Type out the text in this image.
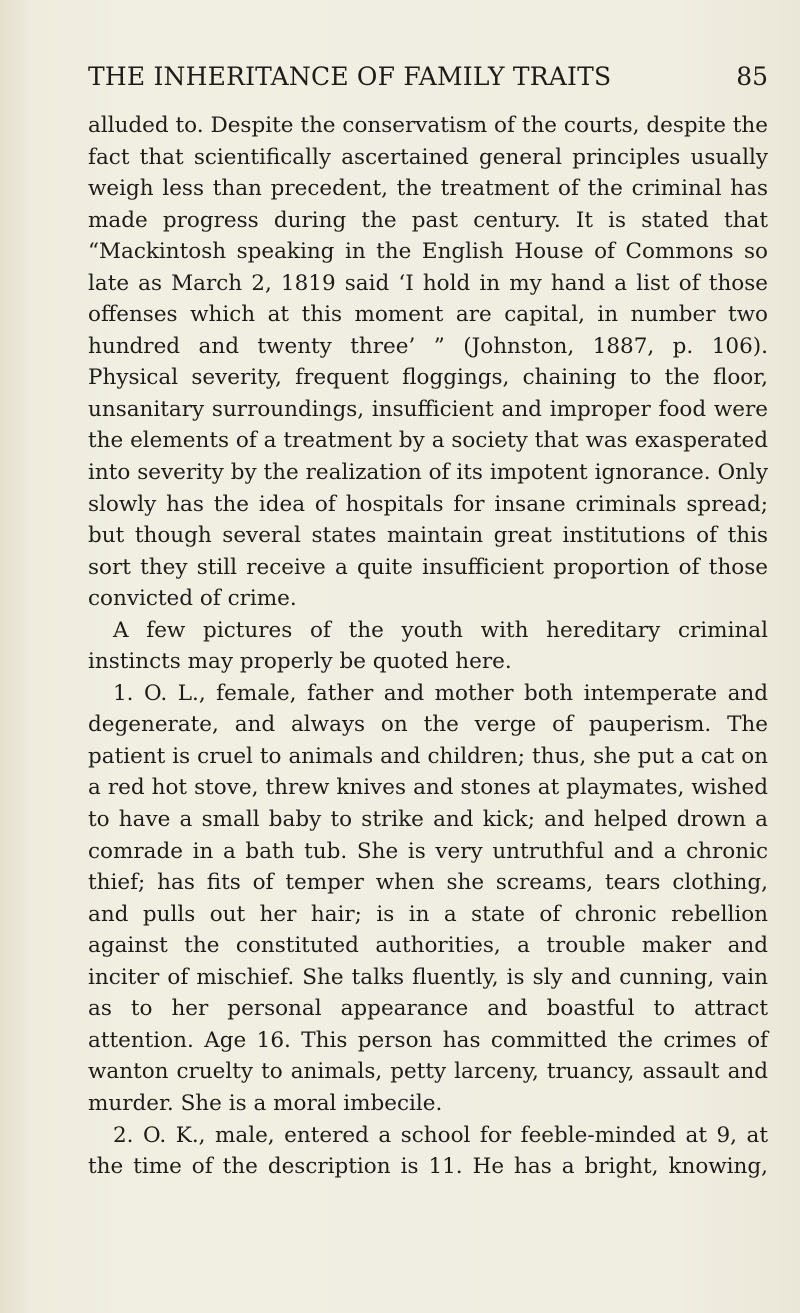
THE INHERITANCE OF FAMILY TRAITS	85

alluded to. Despite the conservatism of the courts, despite the fact that scientifically ascertained general principles usually weigh less than precedent, the treatment of the criminal has made progress during the past century. It is stated that “Mackintosh speaking in the English House of Commons so late as March 2, 1819 said ‘I hold in my hand a list of those offenses which at this moment are capital, in number two hundred and twenty three’ ” (Johnston, 1887, p. 106). Physical severity, frequent floggings, chaining to the floor, unsanitary surroundings, insufficient and improper food were the elements of a treatment by a society that was exasperated into severity by the realization of its impotent ignorance. Only slowly has the idea of hospitals for insane criminals spread; but though several states maintain great institutions of this sort they still receive a quite insufficient proportion of those convicted of crime.

A few pictures of the youth with hereditary criminal instincts may properly be quoted here.

1. O. L., female, father and mother both intemperate and degenerate, and always on the verge of pauperism. The patient is cruel to animals and children; thus, she put a cat on a red hot stove, threw knives and stones at playmates, wished to have a small baby to strike and kick; and helped drown a comrade in a bath tub. She is very untruthful and a chronic thief; has fits of temper when she screams, tears clothing, and pulls out her hair; is in a state of chronic rebellion against the constituted authorities, a trouble maker and inciter of mischief. She talks fluently, is sly and cunning, vain as to her personal appearance and boastful to attract attention. Age 16. This person has committed the crimes of wanton cruelty to animals, petty larceny, truancy, assault and murder. She is a moral imbecile.

2. O. K., male, entered a school for feeble-minded at 9, at the time of the description is 11. He has a bright, knowing,
